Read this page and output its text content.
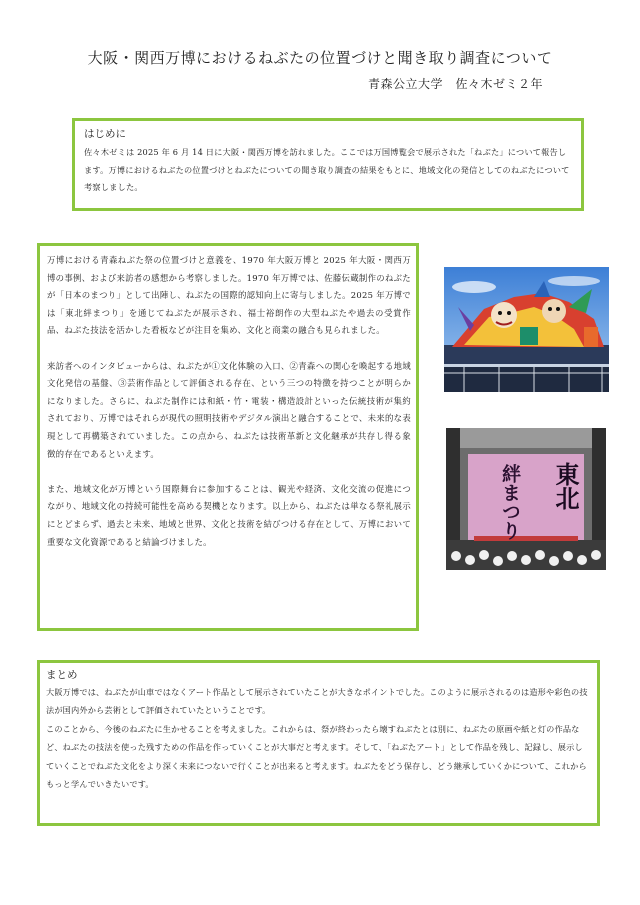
大阪・関西万博におけるねぶたの位置づけと聞き取り調査について
青森公立大学　佐々木ゼミ２年
はじめに
佐々木ゼミは 2025 年 6 月 14 日に大阪・関西万博を訪れました。ここでは万国博覧会で展示された「ねぶた」について報告します。万博におけるねぶたの位置づけとねぶたについての聞き取り調査の結果をもとに、地域文化の発信としてのねぶたについて考察しました。

万博における青森ねぶた祭の位置づけと意義を、1970 年大阪万博と 2025 年大阪・関西万博の事例、および来訪者の感想から考察しました。1970 年万博では、佐藤伝蔵制作のねぶたが「日本のまつり」として出陣し、ねぶたの国際的認知向上に寄与しました。2025 年万博では「東北絆まつり」を通じてねぶたが展示され、福士裕朗作の大型ねぶたや過去の受賞作品、ねぶた技法を活かした看板などが注目を集め、文化と商業の融合も見られました。

来訪者へのインタビューからは、ねぶたが①文化体験の入口、②青森への関心を喚起する地域文化発信の基盤、③芸術作品として評価される存在、という三つの特徴を持つことが明らかになりました。さらに、ねぶた制作には和紙・竹・電装・構造設計といった伝統技術が集約されており、万博ではそれらが現代の照明技術やデジタル演出と融合することで、未来的な表現として再構築されていました。この点から、ねぶたは技術革新と文化継承が共存し得る象徴的存在であるといえます。

また、地域文化が万博という国際舞台に参加することは、観光や経済、文化交流の促進につながり、地域文化の持続可能性を高める契機となります。以上から、ねぶたは単なる祭礼展示にとどまらず、過去と未来、地域と世界、文化と技術を結びつける存在として、万博において重要な文化資源であると結論づけました。

絆まつり	東北
まとめ

大阪万博では、ねぶたが山車ではなくアート作品として展示されていたことが大きなポイントでした。このように展示されるのは造形や彩色の技法が国内外から芸術として評価されていたということです。

このことから、今後のねぶたに生かせることを考えました。これからは、祭が終わったら壊すねぶたとは別に、ねぶたの原画や紙と灯の作品など、ねぶたの技法を使った残すための作品を作っていくことが大事だと考えます。そして、「ねぶたアート」として作品を残し、記録し、展示していくことでねぶた文化をより深く未来につないで行くことが出来ると考えます。ねぶたをどう保存し、どう継承していくかについて、これからもっと学んでいきたいです。
